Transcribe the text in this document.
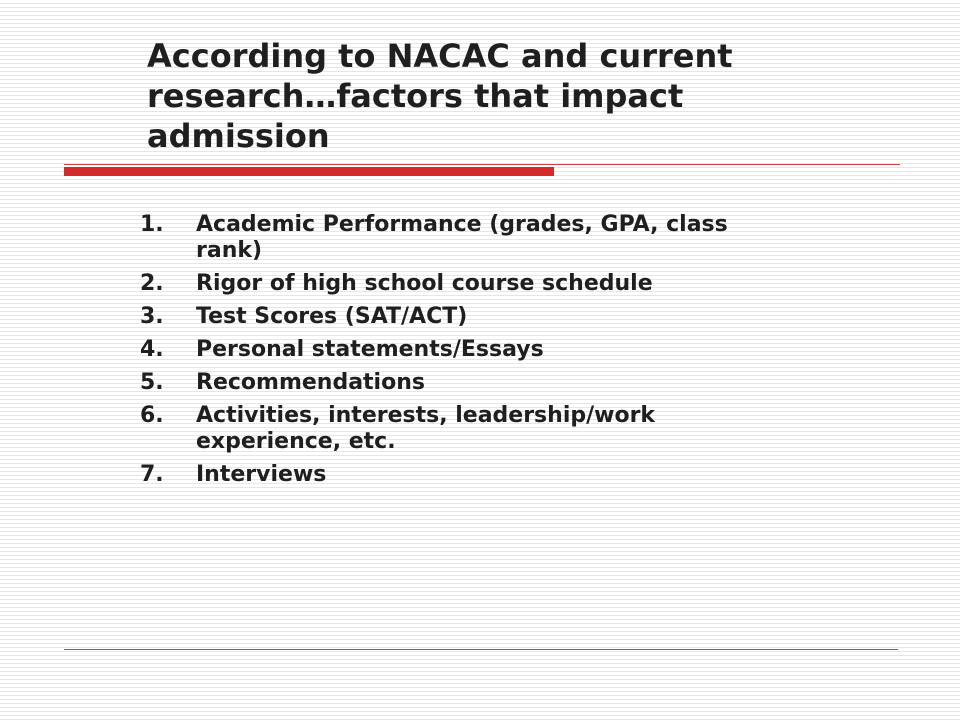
According to NACAC and current research…factors that impact admission
1.	Academic Performance (grades, GPA, class rank)
2.	Rigor of high school course schedule
3.	Test Scores (SAT/ACT)
4.	Personal statements/Essays
5.	Recommendations
6.	Activities, interests, leadership/work experience, etc.
7.	Interviews
